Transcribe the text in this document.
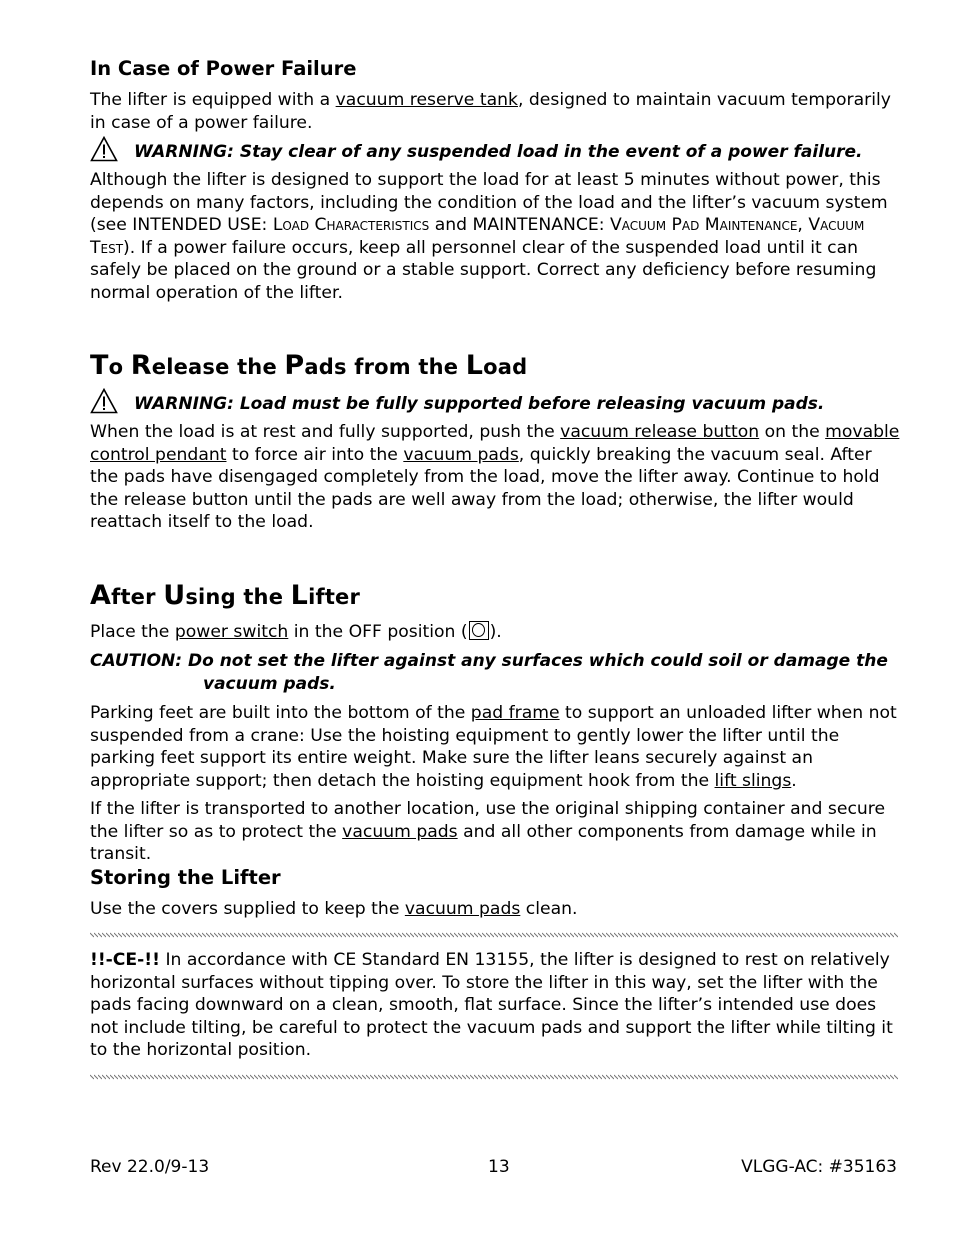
In Case of Power Failure

The lifter is equipped with a vacuum reserve tank, designed to maintain vacuum temporarily in case of a power failure.

WARNING: Stay clear of any suspended load in the event of a power failure.

Although the lifter is designed to support the load for at least 5 minutes without power, this depends on many factors, including the condition of the load and the lifter’s vacuum system (see INTENDED USE: Load Characteristics and MAINTENANCE: Vacuum Pad Maintenance, Vacuum Test). If a power failure occurs, keep all personnel clear of the suspended load until it can safely be placed on the ground or a stable support. Correct any deficiency before resuming normal operation of the lifter.

To Release the Pads from the Load
WARNING: Load must be fully supported before releasing vacuum pads.

When the load is at rest and fully supported, push the vacuum release button on the movable control pendant to force air into the vacuum pads, quickly breaking the vacuum seal. After the pads have disengaged completely from the load, move the lifter away. Continue to hold the release button until the pads are well away from the load; otherwise, the lifter would reattach itself to the load.

After Using the Lifter

Place the power switch in the OFF position ( ).

CAUTION: Do not set the lifter against any surfaces which could soil or damage the
vacuum pads.

Parking feet are built into the bottom of the pad frame to support an unloaded lifter when not suspended from a crane: Use the hoisting equipment to gently lower the lifter until the parking feet support its entire weight. Make sure the lifter leans securely against an appropriate support; then detach the hoisting equipment hook from the lift slings.

If the lifter is transported to another location, use the original shipping container and secure the lifter so as to protect the vacuum pads and all other components from damage while in transit.

Storing the Lifter

Use the covers supplied to keep the vacuum pads clean.

!!-CE-!! In accordance with CE Standard EN 13155, the lifter is designed to rest on relatively horizontal surfaces without tipping over. To store the lifter in this way, set the lifter with the pads facing downward on a clean, smooth, flat surface. Since the lifter’s intended use does not include tilting, be careful to protect the vacuum pads and support the lifter while tilting it to the horizontal position.

Rev 22.0/9-13	13	VLGG-AC: #35163
